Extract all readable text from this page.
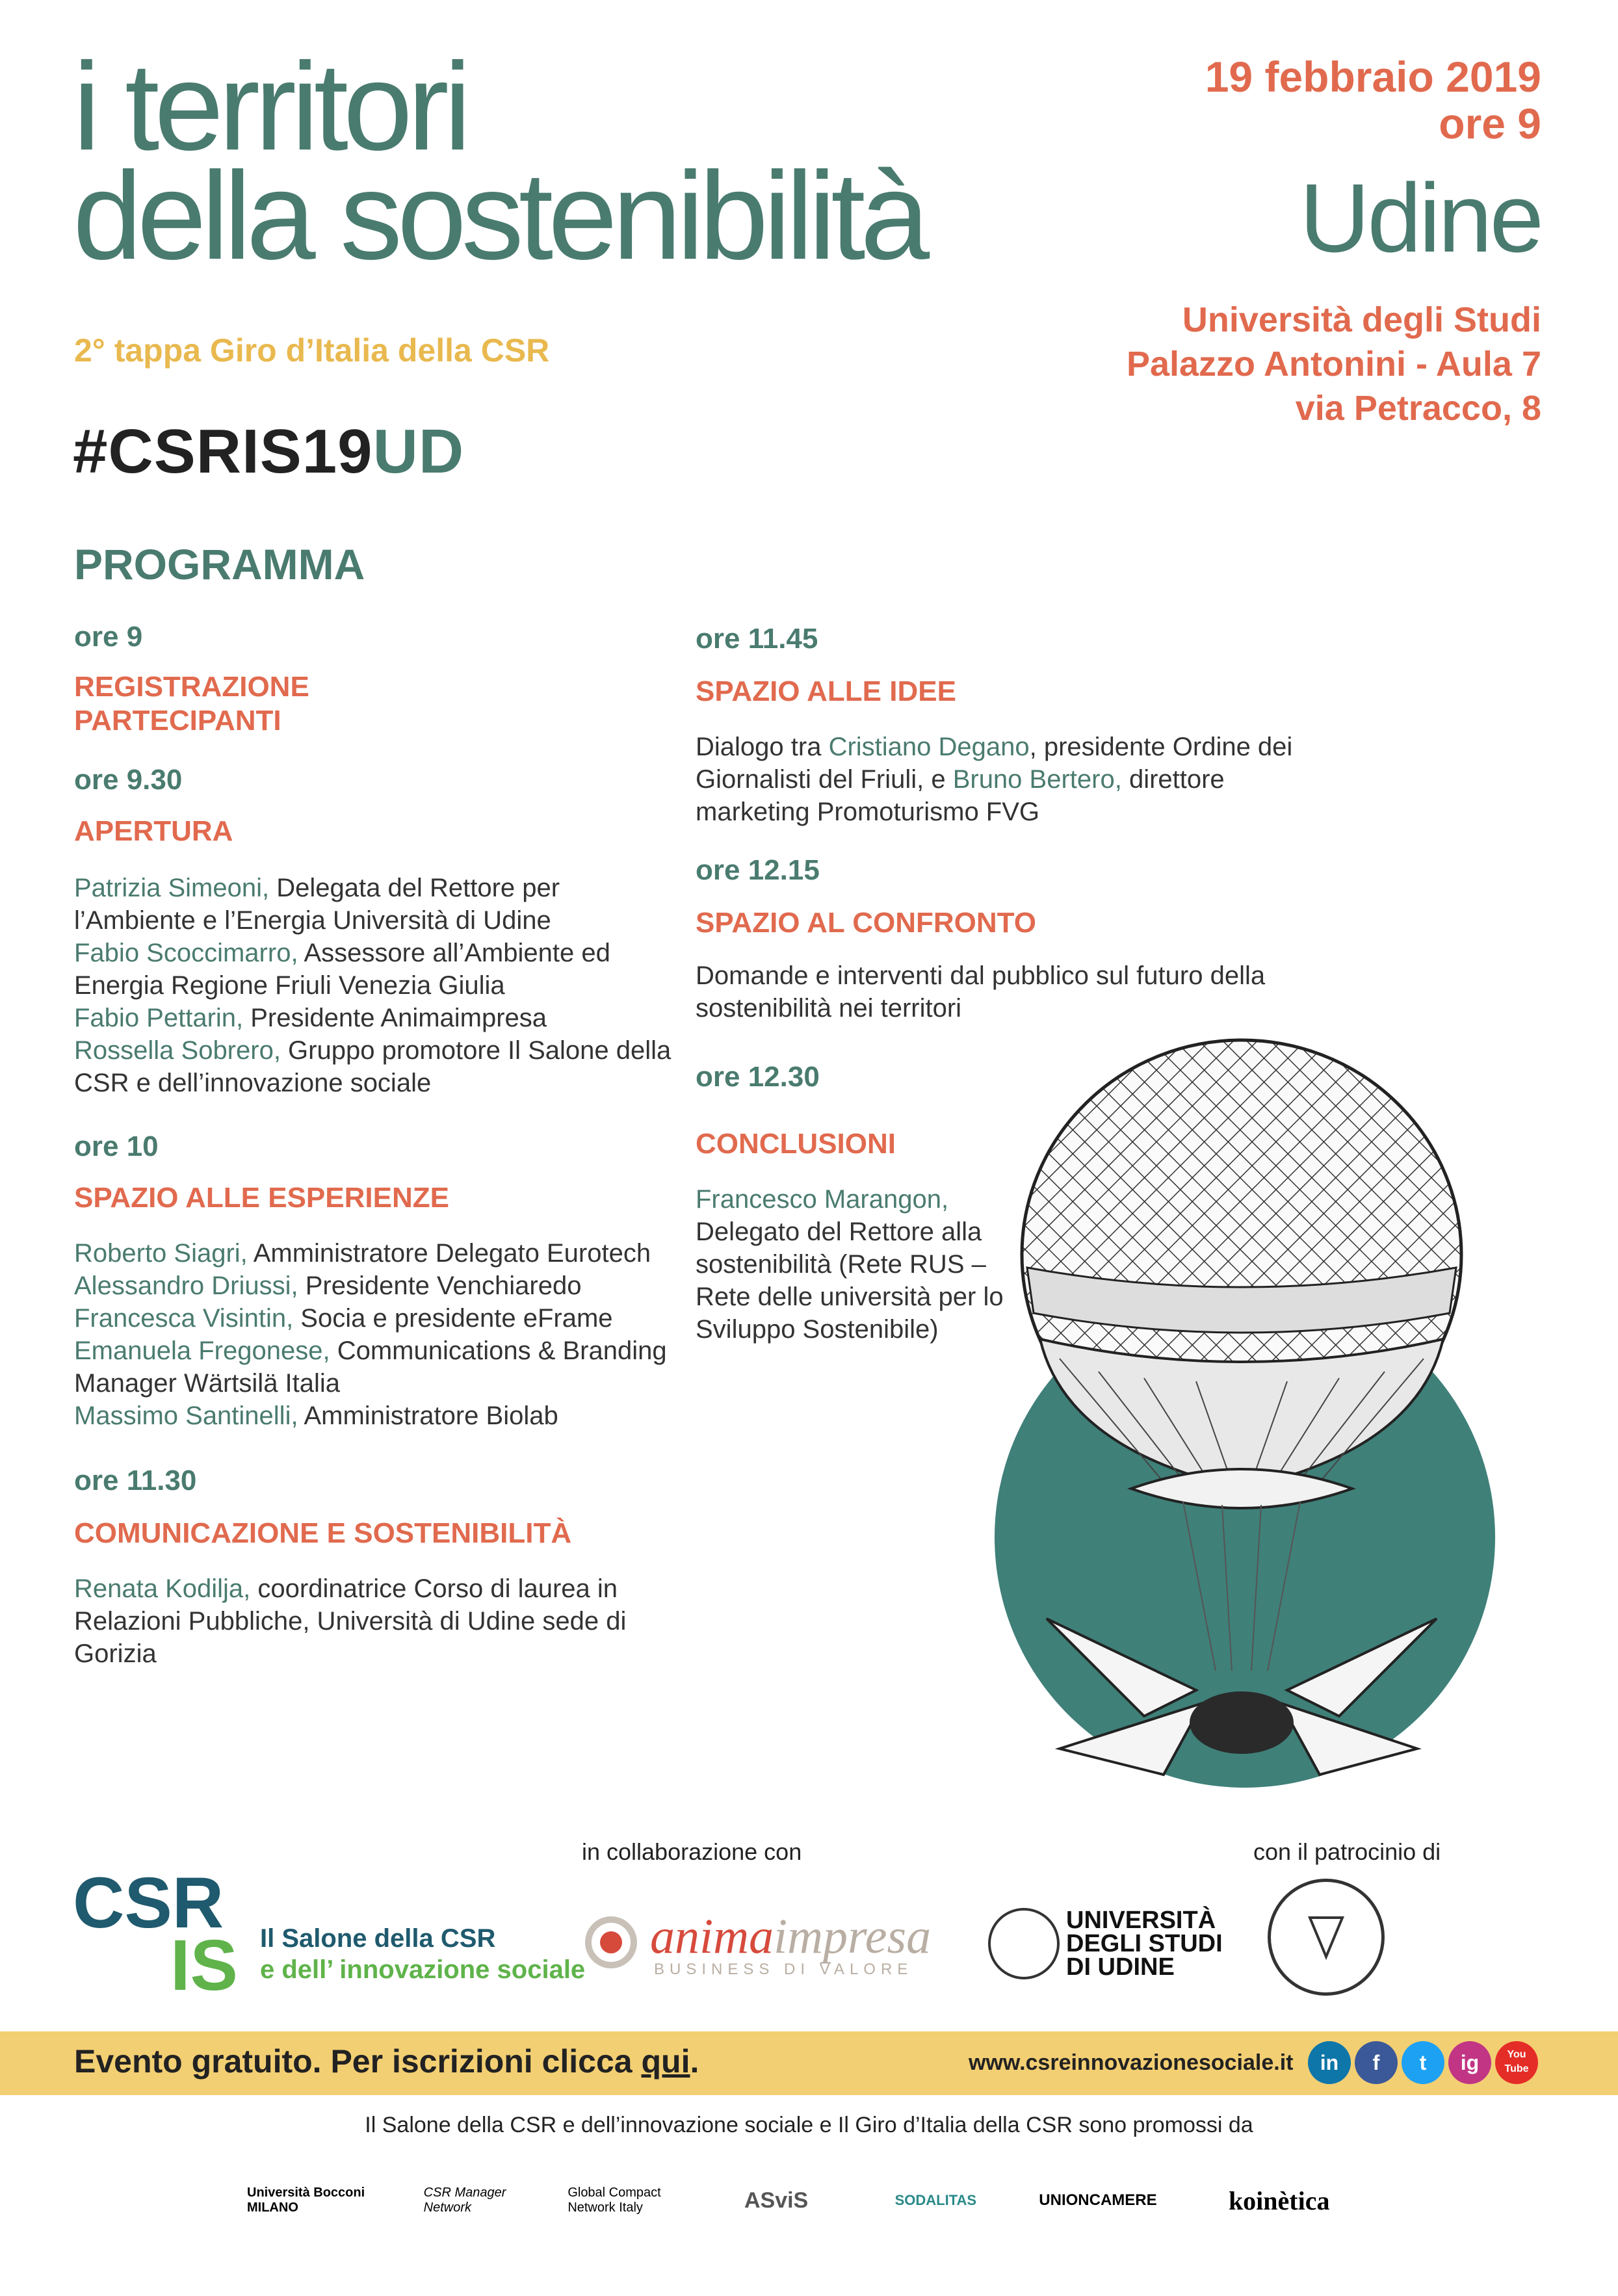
i territori
della sostenibilità
2° tappa Giro d’Italia della CSR
#CSRIS19UD
19 febbraio 2019
ore 9
Udine
Università degli Studi
Palazzo Antonini - Aula 7
via Petracco, 8
PROGRAMMA
ore 9
REGISTRAZIONE
PARTECIPANTI
ore 9.30
APERTURA
Patrizia Simeoni, Delegata del Rettore per l’Ambiente e l’Energia Università di Udine
Fabio Scoccimarro, Assessore all’Ambiente ed Energia Regione Friuli Venezia Giulia
Fabio Pettarin, Presidente Animaimpresa
Rossella Sobrero, Gruppo promotore Il Salone della CSR e dell’innovazione sociale
ore 10
SPAZIO ALLE ESPERIENZE
Roberto Siagri, Amministratore Delegato Eurotech
Alessandro Driussi, Presidente Venchiaredo
Francesca Visintin, Socia e presidente eFrame
Emanuela Fregonese, Communications & Branding Manager Wärtsilä Italia
Massimo Santinelli, Amministratore Biolab
ore 11.30
COMUNICAZIONE E SOSTENIBILITÀ
Renata Kodilja, coordinatrice Corso di laurea in Relazioni Pubbliche, Università di Udine sede di Gorizia
ore 11.45
SPAZIO ALLE IDEE
Dialogo tra Cristiano Degano, presidente Ordine dei Giornalisti del Friuli, e Bruno Bertero, direttore marketing Promoturismo FVG
ore 12.15
SPAZIO AL CONFRONTO
Domande e interventi dal pubblico sul futuro della sostenibilità nei territori
ore 12.30
CONCLUSIONI
Francesco Marangon, Delegato del Rettore alla sostenibilità (Rete RUS – Rete delle università per lo Sviluppo Sostenibile)
in collaborazione con	con il patrocinio di
CSR
IS Il Salone della CSR
e dell’ innovazione sociale
animaimpresa
BUSINESS DI VALORE
UNIVERSITÀ
DEGLI STUDI
DI UDINE
Evento gratuito. Per iscrizioni clicca qui.	www.csreinnovazionesociale.it	in	f	t	ig	You Tube
Il Salone della CSR e dell’innovazione sociale e Il Giro d’Italia della CSR sono promossi da
Università Bocconi MILANO
CSR Manager Network
Global Compact Network Italy	ASviS	SODALITAS	UNIONCAMERE	koinètica
